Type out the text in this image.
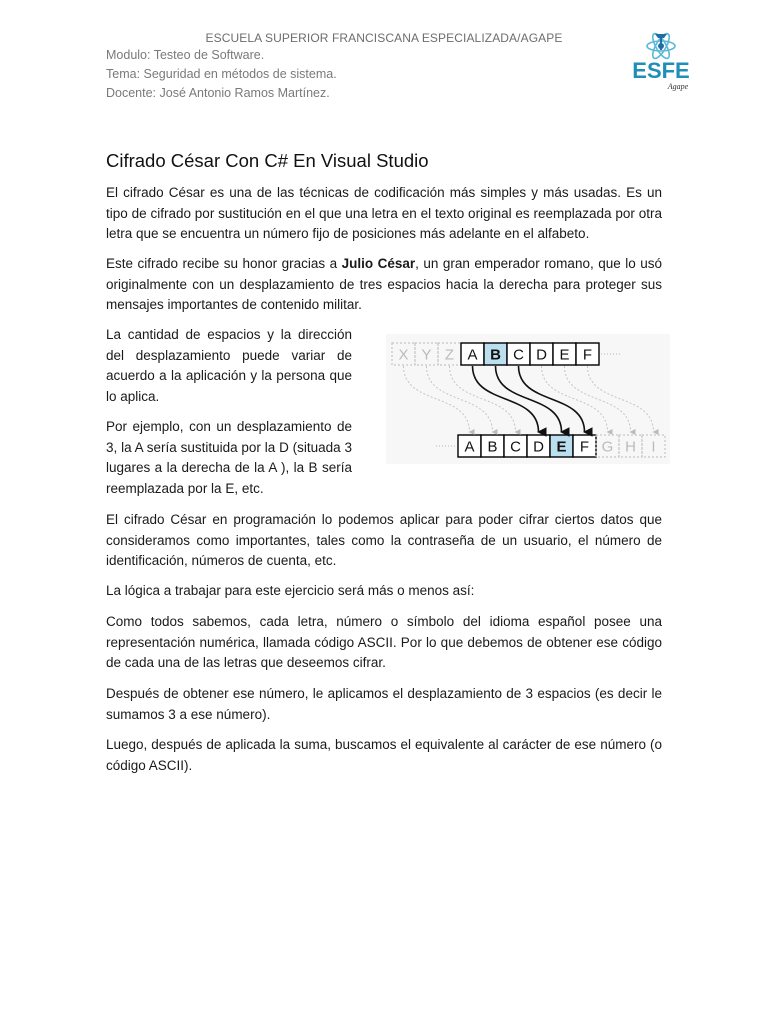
ESCUELA SUPERIOR FRANCISCANA ESPECIALIZADA/AGAPE
Modulo: Testeo de Software.
Tema: Seguridad en métodos de sistema.
Docente: José Antonio Ramos Martínez.
ESFE
Agape
Cifrado César Con C# En Visual Studio

El cifrado César es una de las técnicas de codificación más simples y más usadas. Es un tipo de cifrado por sustitución en el que una letra en el texto original es reemplazada por otra letra que se encuentra un número fijo de posiciones más adelante en el alfabeto.

Este cifrado recibe su honor gracias a Julio César, un gran emperador romano, que lo usó originalmente con un desplazamiento de tres espacios hacia la derecha para proteger sus mensajes importantes de contenido militar.

La cantidad de espacios y la dirección del desplazamiento puede variar de acuerdo a la aplicación y la persona que lo aplica.

Por ejemplo, con un desplazamiento de 3, la A sería sustituida por la D (situada 3 lugares a la derecha de la A ), la B sería reemplazada por la E, etc.

X Y Z A B C D E F
A B C D E F G H I

El cifrado César en programación lo podemos aplicar para poder cifrar ciertos datos que consideramos como importantes, tales como la contraseña de un usuario, el número de identificación, números de cuenta, etc.

La lógica a trabajar para este ejercicio será más o menos así:

Como todos sabemos, cada letra, número o símbolo del idioma español posee una representación numérica, llamada código ASCII. Por lo que debemos de obtener ese código de cada una de las letras que deseemos cifrar.

Después de obtener ese número, le aplicamos el desplazamiento de 3 espacios (es decir le sumamos 3 a ese número).

Luego, después de aplicada la suma, buscamos el equivalente al carácter de ese número (o código ASCII).
